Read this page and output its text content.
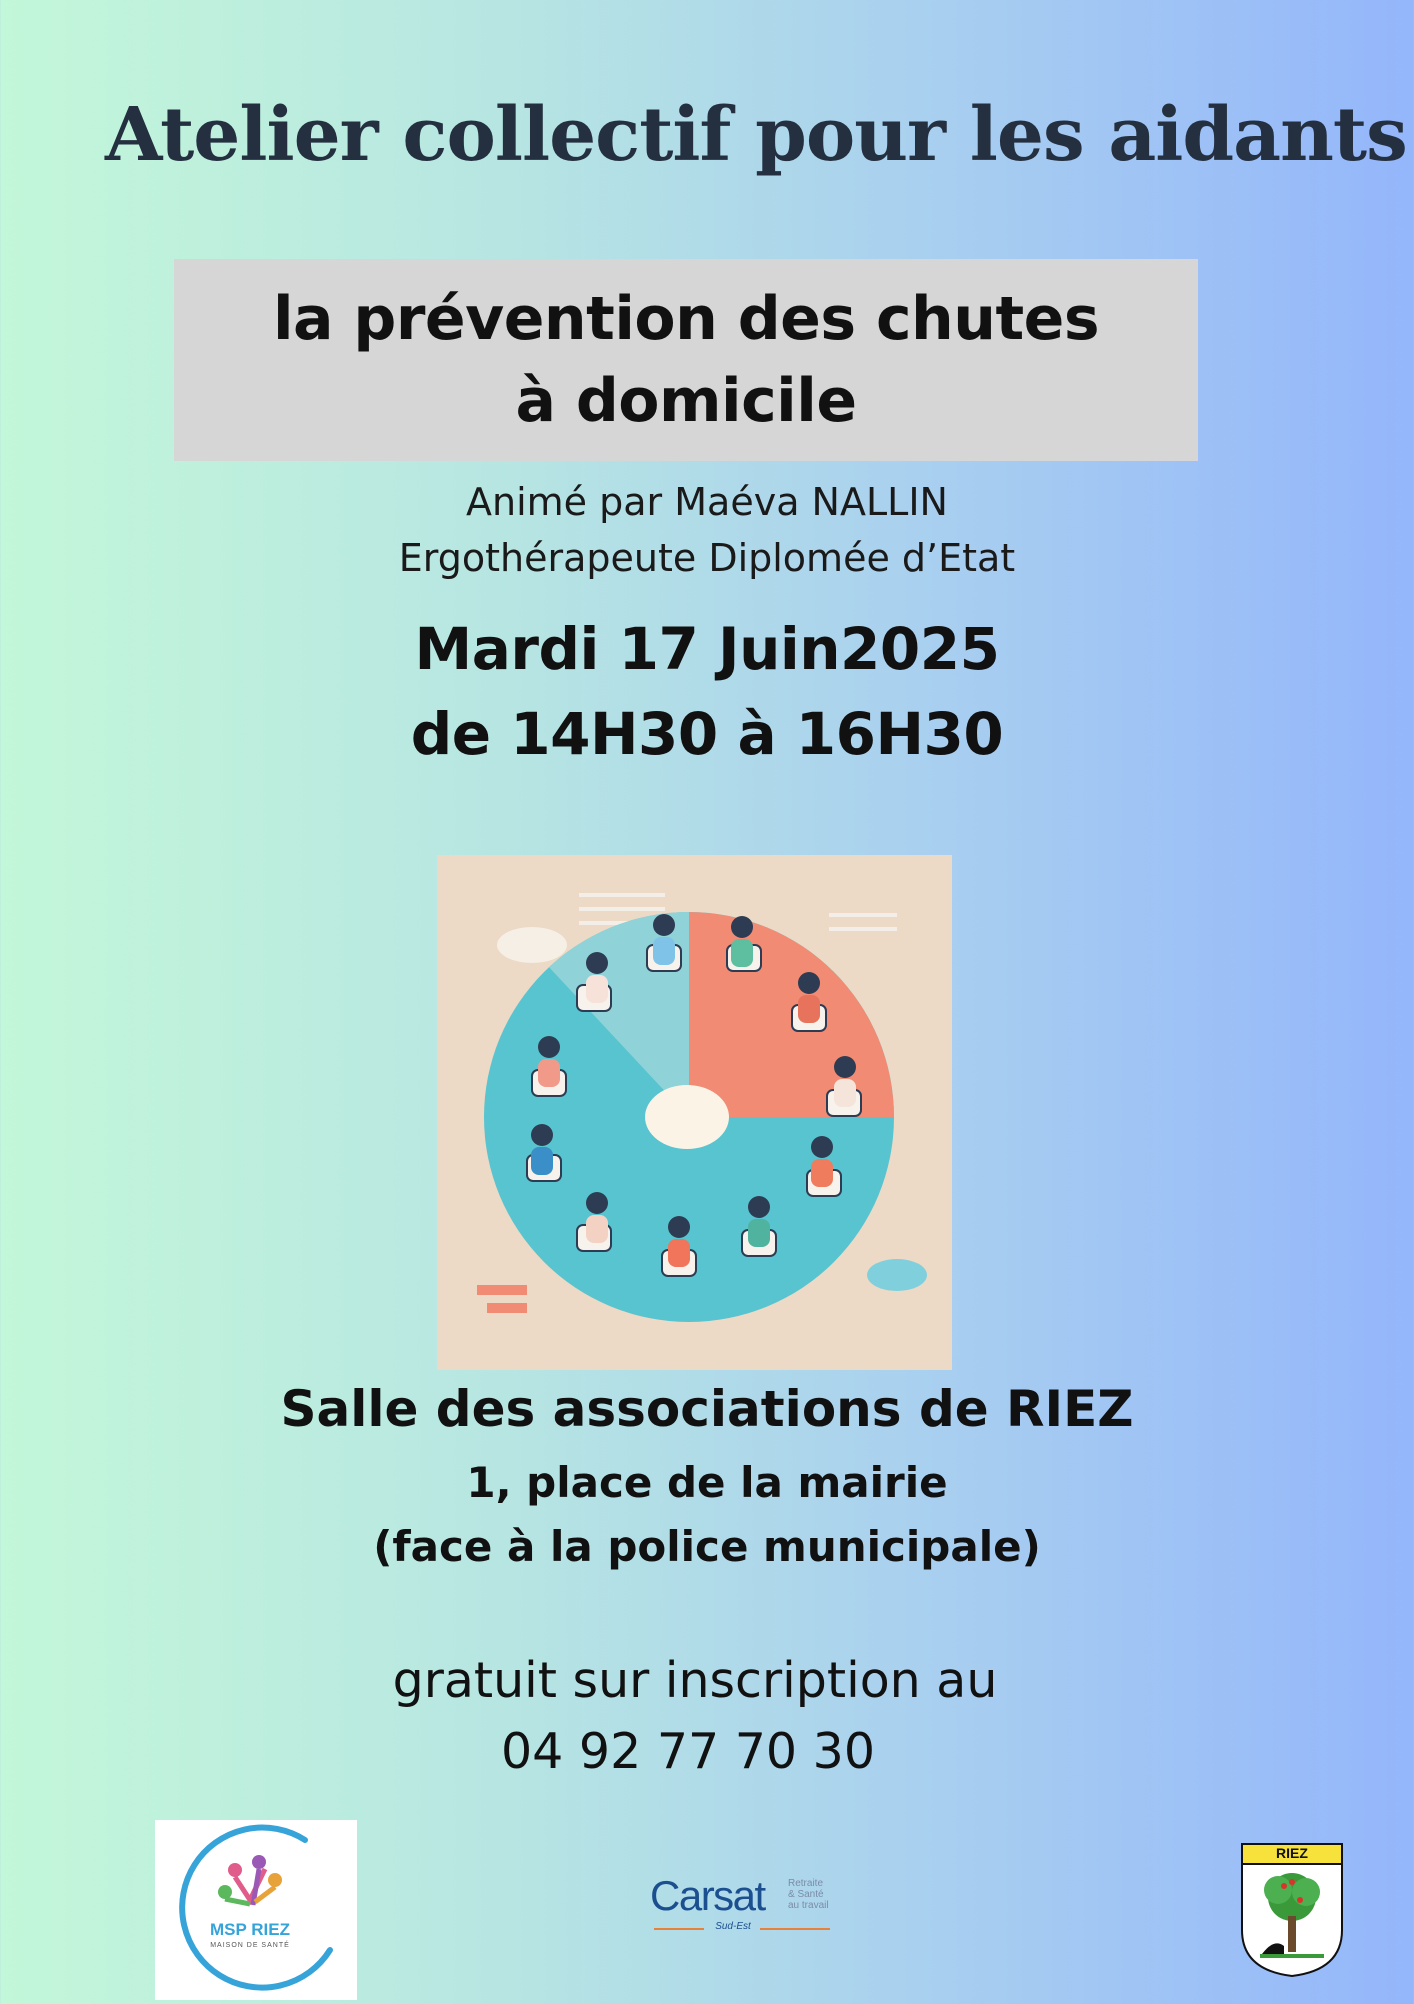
Atelier collectif pour les aidants
la prévention des chutes
à domicile
Animé par Maéva NALLIN
Ergothérapeute Diplomée d’Etat
Mardi 17 Juin2025
de 14H30 à 16H30
Salle des associations de RIEZ
1, place de la mairie
(face à la police municipale)
gratuit sur inscription au
04 92 77 70 30
MSP RIEZ
MAISON DE SANTÉ
Carsat Retraite
& Santé
au travail
Sud-Est
RIEZ
